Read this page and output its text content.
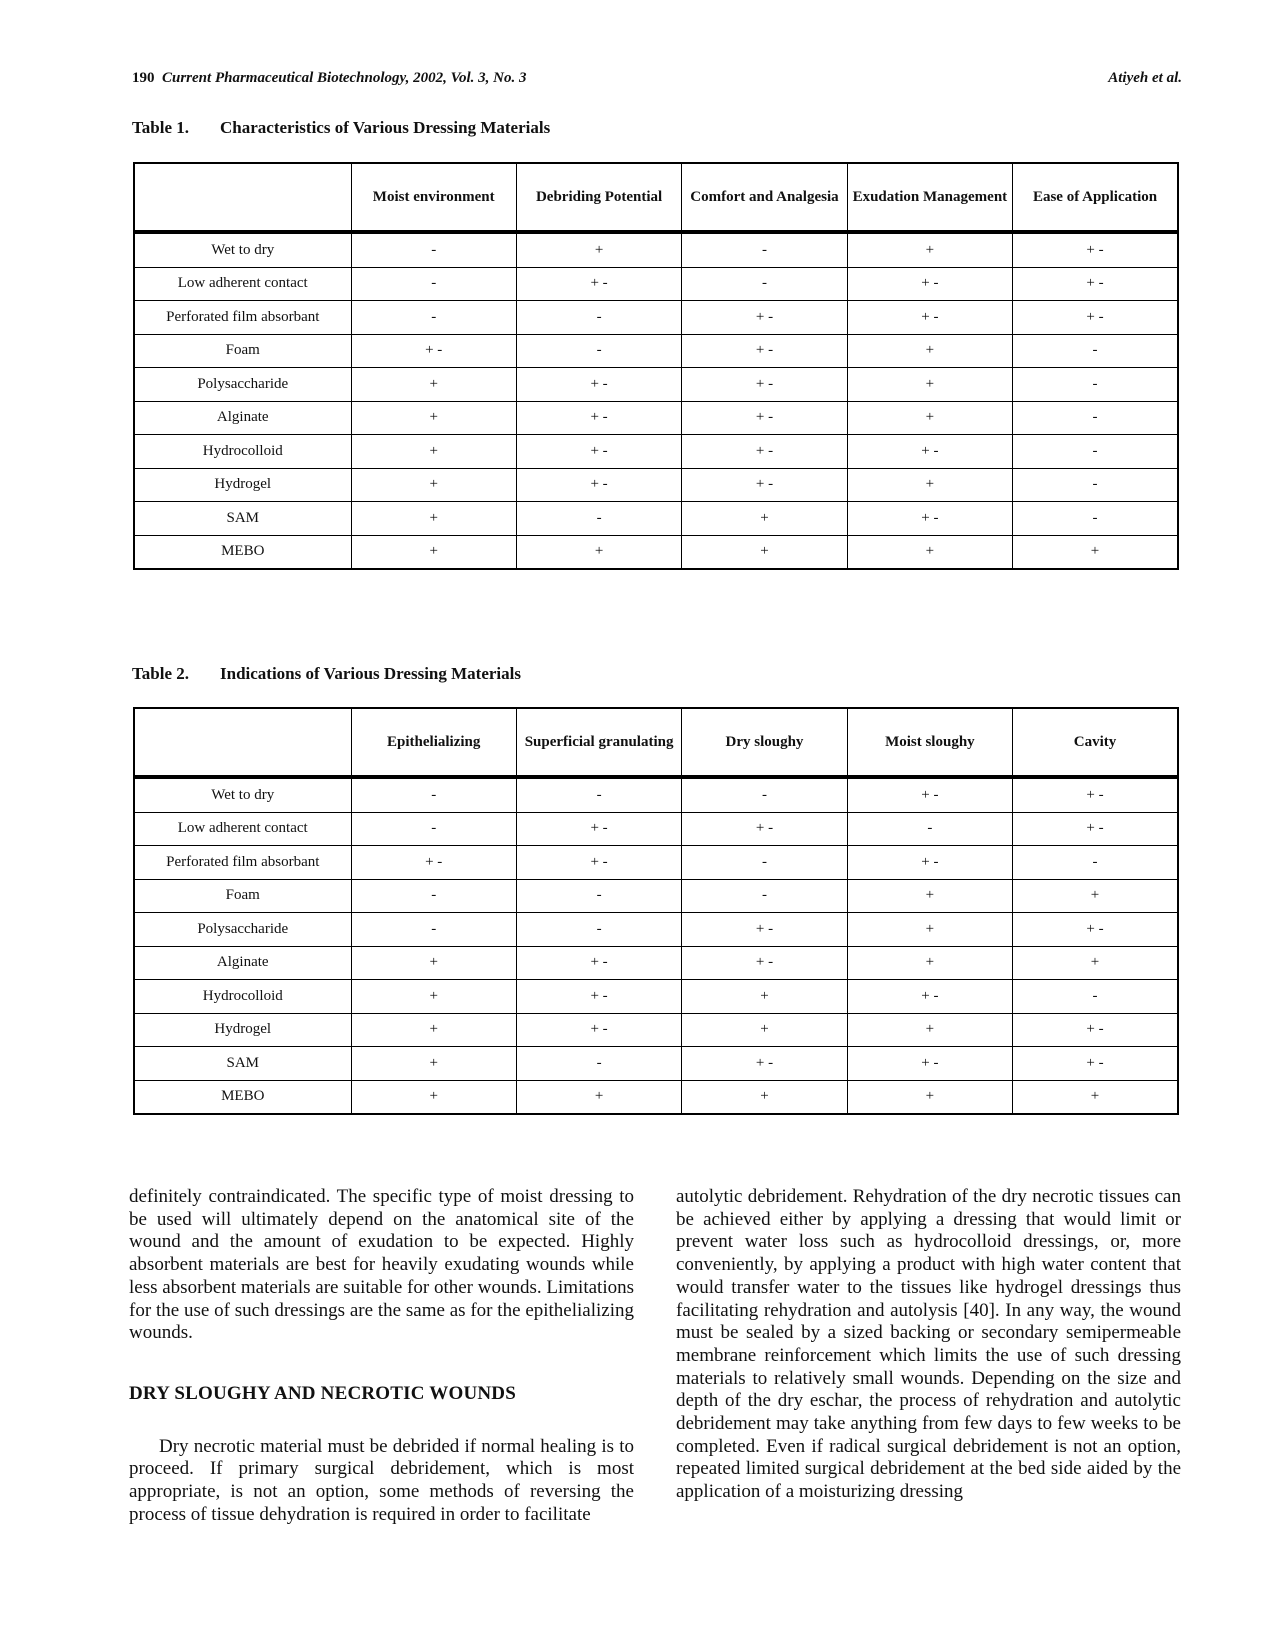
190 Current Pharmaceutical Biotechnology, 2002, Vol. 3, No. 3	Atiyeh et al.
Table 1. Characteristics of Various Dressing Materials
	Moist environment	Debriding Potential	Comfort and Analgesia	Exudation Management	Ease of Application
Wet to dry	-	+	-	+	+ -
Low adherent contact	-	+ -	-	+ -	+ -
Perforated film absorbant	-	-	+ -	+ -	+ -
Foam	+ -	-	+ -	+	-
Polysaccharide	+	+ -	+ -	+	-
Alginate	+	+ -	+ -	+	-
Hydrocolloid	+	+ -	+ -	+ -	-
Hydrogel	+	+ -	+ -	+	-
SAM	+	-	+	+ -	-
MEBO	+	+	+	+	+
Table 2. Indications of Various Dressing Materials
	Epithelializing	Superficial granulating	Dry sloughy	Moist sloughy	Cavity
Wet to dry	-	-	-	+ -	+ -
Low adherent contact	-	+ -	+ -	-	+ -
Perforated film absorbant	+ -	+ -	-	+ -	-
Foam	-	-	-	+	+
Polysaccharide	-	-	+ -	+	+ -
Alginate	+	+ -	+ -	+	+
Hydrocolloid	+	+ -	+	+ -	-
Hydrogel	+	+ -	+	+	+ -
SAM	+	-	+ -	+ -	+ -
MEBO	+	+	+	+	+

definitely contraindicated. The specific type of moist dressing to be used will ultimately depend on the anatomical site of the wound and the amount of exudation to be expected. Highly absorbent materials are best for heavily exudating wounds while less absorbent materials are suitable for other wounds. Limitations for the use of such dressings are the same as for the epithelializing wounds.

DRY SLOUGHY AND NECROTIC WOUNDS

Dry necrotic material must be debrided if normal healing is to proceed. If primary surgical debridement, which is most appropriate, is not an option, some methods of reversing the process of tissue dehydration is required in order to facilitate

autolytic debridement. Rehydration of the dry necrotic tissues can be achieved either by applying a dressing that would limit or prevent water loss such as hydrocolloid dressings, or, more conveniently, by applying a product with high water content that would transfer water to the tissues like hydrogel dressings thus facilitating rehydration and autolysis [40]. In any way, the wound must be sealed by a sized backing or secondary semipermeable membrane reinforcement which limits the use of such dressing materials to relatively small wounds. Depending on the size and depth of the dry eschar, the process of rehydration and autolytic debridement may take anything from few days to few weeks to be completed. Even if radical surgical debridement is not an option, repeated limited surgical debridement at the bed side aided by the application of a moisturizing dressing
